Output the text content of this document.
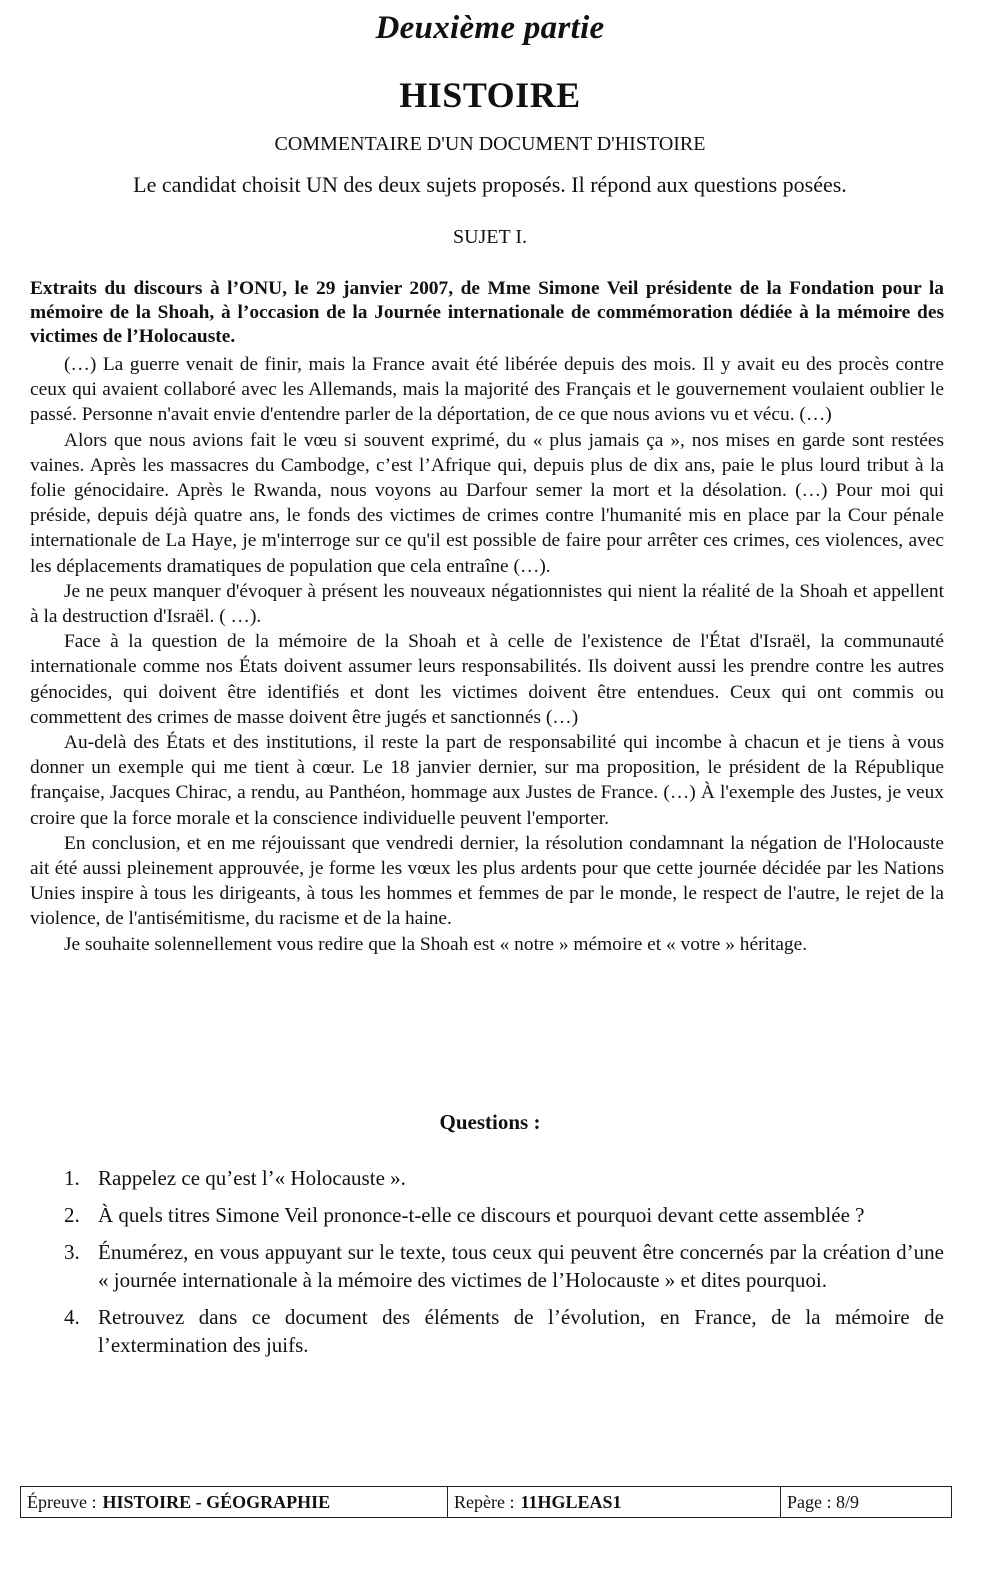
Deuxième partie
HISTOIRE
COMMENTAIRE D'UN DOCUMENT D'HISTOIRE
Le candidat choisit UN des deux sujets proposés. Il répond aux questions posées.
SUJET I.
Extraits du discours à l’ONU, le 29 janvier 2007, de Mme Simone Veil présidente de la Fondation pour la mémoire de la Shoah, à l’occasion de la Journée internationale de commémoration dédiée à la mémoire des victimes de l’Holocauste.

(…) La guerre venait de finir, mais la France avait été libérée depuis des mois. Il y avait eu des procès contre ceux qui avaient collaboré avec les Allemands, mais la majorité des Français et le gouvernement voulaient oublier le passé. Personne n'avait envie d'entendre parler de la déportation, de ce que nous avions vu et vécu. (…)

Alors que nous avions fait le vœu si souvent exprimé, du « plus jamais ça », nos mises en garde sont restées vaines. Après les massacres du Cambodge, c’est l’Afrique qui, depuis plus de dix ans, paie le plus lourd tribut à la folie génocidaire. Après le Rwanda, nous voyons au Darfour semer la mort et la désolation. (…) Pour moi qui préside, depuis déjà quatre ans, le fonds des victimes de crimes contre l'humanité mis en place par la Cour pénale internationale de La Haye, je m'interroge sur ce qu'il est possible de faire pour arrêter ces crimes, ces violences, avec les déplacements dramatiques de population que cela entraîne (…).

Je ne peux manquer d'évoquer à présent les nouveaux négationnistes qui nient la réalité de la Shoah et appellent à la destruction d'Israël. ( …).

Face à la question de la mémoire de la Shoah et à celle de l'existence de l'État d'Israël, la communauté internationale comme nos États doivent assumer leurs responsabilités. Ils doivent aussi les prendre contre les autres génocides, qui doivent être identifiés et dont les victimes doivent être entendues. Ceux qui ont commis ou commettent des crimes de masse doivent être jugés et sanctionnés (…)

Au-delà des États et des institutions, il reste la part de responsabilité qui incombe à chacun et je tiens à vous donner un exemple qui me tient à cœur. Le 18 janvier dernier, sur ma proposition, le président de la République française, Jacques Chirac, a rendu, au Panthéon, hommage aux Justes de France. (…) À l'exemple des Justes, je veux croire que la force morale et la conscience individuelle peuvent l'emporter.

En conclusion, et en me réjouissant que vendredi dernier, la résolution condamnant la négation de l'Holocauste ait été aussi pleinement approuvée, je forme les vœux les plus ardents pour que cette journée décidée par les Nations Unies inspire à tous les dirigeants, à tous les hommes et femmes de par le monde, le respect de l'autre, le rejet de la violence, de l'antisémitisme, du racisme et de la haine.

Je souhaite solennellement vous redire que la Shoah est « notre » mémoire et « votre » héritage.

Questions :
1. Rappelez ce qu’est l’« Holocauste ».
2. À quels titres Simone Veil prononce-t-elle ce discours et pourquoi devant cette assemblée ?
3. Énumérez, en vous appuyant sur le texte, tous ceux qui peuvent être concernés par la création d’une « journée internationale à la mémoire des victimes de l’Holocauste » et dites pourquoi.
4. Retrouvez dans ce document des éléments de l’évolution, en France, de la mémoire de l’extermination des juifs.
Épreuve : HISTOIRE - GÉOGRAPHIE	Repère : 11HGLEAS1	Page : 8/9
